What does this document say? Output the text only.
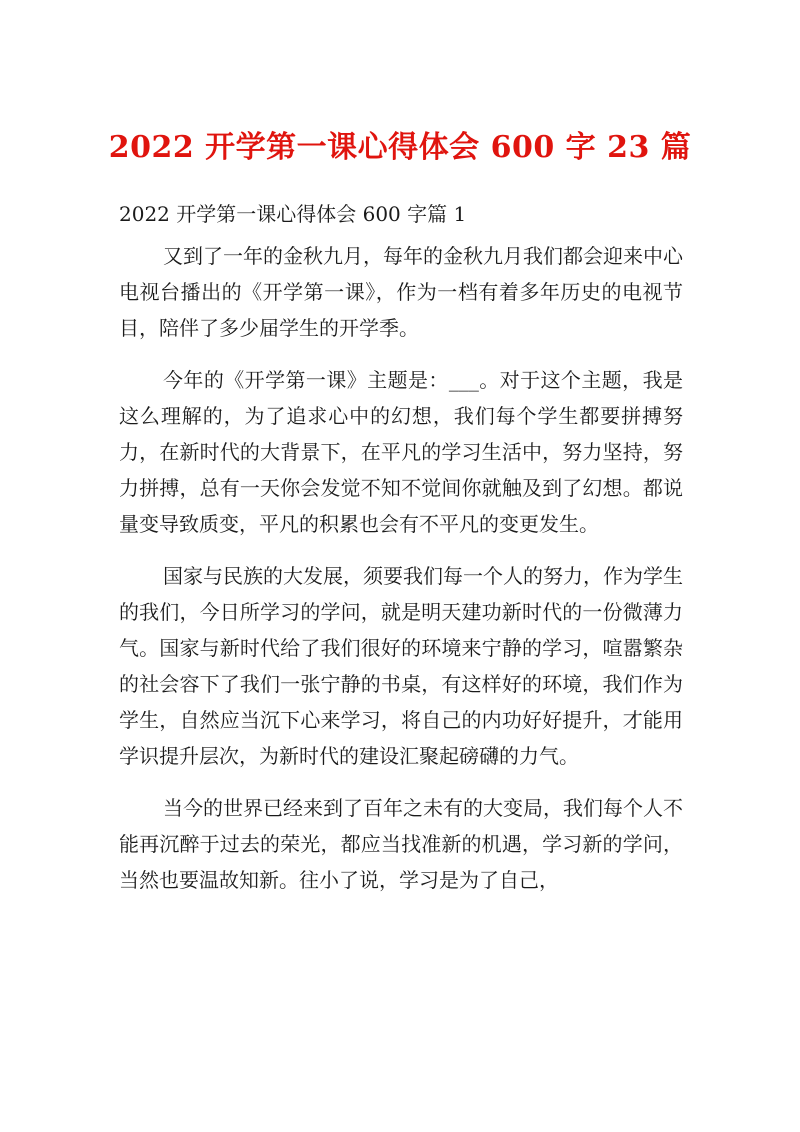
2022 开学第一课心得体会 600 字 23 篇
2022 开学第一课心得体会 600 字篇 1

又到了一年的金秋九月，每年的金秋九月我们都会迎来中心电视台播出的《开学第一课》，作为一档有着多年历史的电视节目，陪伴了多少届学生的开学季。

今年的《开学第一课》主题是：___。对于这个主题，我是这么理解的，为了追求心中的幻想，我们每个学生都要拼搏努力，在新时代的大背景下，在平凡的学习生活中，努力坚持，努力拼搏，总有一天你会发觉不知不觉间你就触及到了幻想。都说量变导致质变，平凡的积累也会有不平凡的变更发生。

国家与民族的大发展，须要我们每一个人的努力，作为学生的我们，今日所学习的学问，就是明天建功新时代的一份微薄力气。国家与新时代给了我们很好的环境来宁静的学习，喧嚣繁杂的社会容下了我们一张宁静的书桌，有这样好的环境，我们作为学生，自然应当沉下心来学习，将自己的内功好好提升，才能用学识提升层次，为新时代的建设汇聚起磅礴的力气。

当今的世界已经来到了百年之未有的大变局，我们每个人不能再沉醉于过去的荣光，都应当找准新的机遇，学习新的学问，当然也要温故知新。往小了说，学习是为了自己，
